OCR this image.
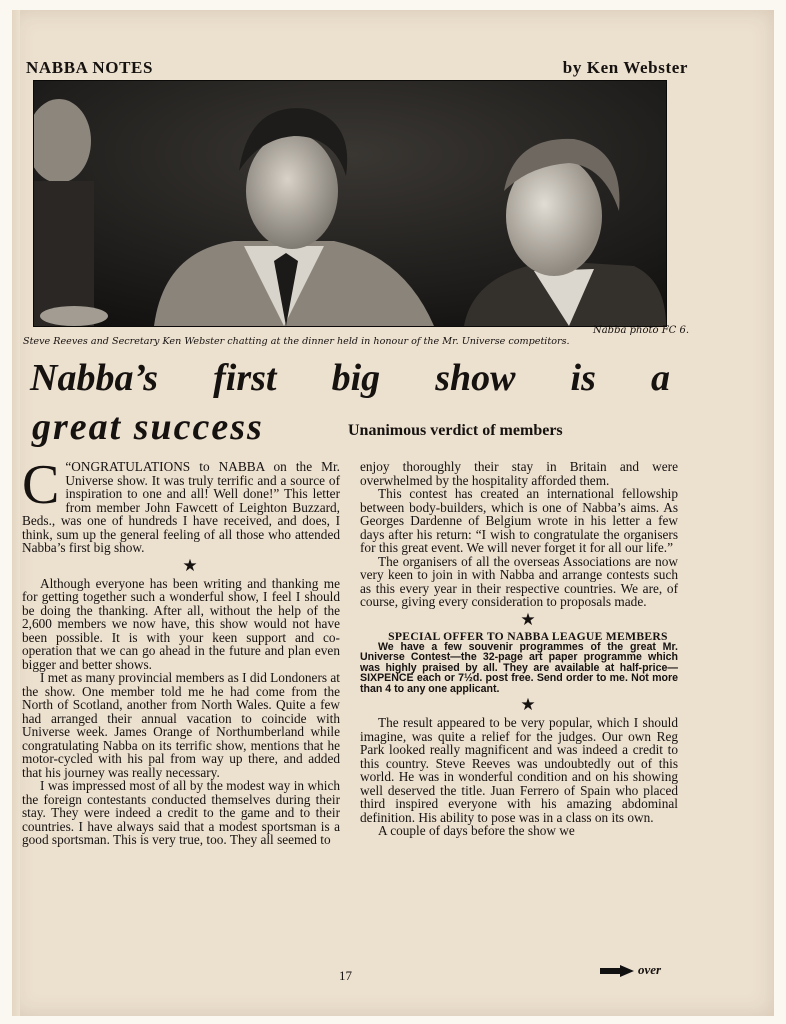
NABBA NOTES	by Ken Webster
Nabba photo FC 6.
Steve Reeves and Secretary Ken Webster chatting at the dinner held in honour of the Mr. Universe competitors.
Nabba’s first big show is a
great success	Unanimous verdict of members

“
C ONGRATULATIONS to NABBA on the Mr. Universe show. It was truly terrific and a source of inspiration to one and all! Well done!” This letter from member John Fawcett of Leighton Buzzard, Beds., was one of hundreds I have received, and does, I think, sum up the general feeling of all those who attended Nabba’s first big show.

★

Although everyone has been writing and thanking me for getting together such a wonderful show, I feel I should be doing the thanking. After all, without the help of the 2,600 members we now have, this show would not have been possible. It is with your keen support and co-operation that we can go ahead in the future and plan even bigger and better shows.

I met as many provincial members as I did Londoners at the show. One member told me he had come from the North of Scotland, another from North Wales. Quite a few had arranged their annual vacation to coincide with Universe week. James Orange of Northumberland while congratulating Nabba on its terrific show, mentions that he motor-cycled with his pal from way up there, and added that his journey was really necessary.

I was impressed most of all by the modest way in which the foreign contestants conducted themselves during their stay. They were indeed a credit to the game and to their countries. I have always said that a modest sportsman is a good sportsman. This is very true, too. They all seemed to

enjoy thoroughly their stay in Britain and were overwhelmed by the hospitality afforded them.

This contest has created an international fellowship between body-builders, which is one of Nabba’s aims. As Georges Dardenne of Belgium wrote in his letter a few days after his return: “I wish to congratulate the organisers for this great event. We will never forget it for all our life.”

The organisers of all the overseas Associations are now very keen to join in with Nabba and arrange contests such as this every year in their respective countries. We are, of course, giving every consideration to proposals made.

★

SPECIAL OFFER TO NABBA LEAGUE MEMBERS

We have a few souvenir programmes of the great Mr. Universe Contest—the 32-page art paper programme which was highly praised by all. They are available at half-price—SIXPENCE each or 7½d. post free. Send order to me. Not more than 4 to any one applicant.

★

The result appeared to be very popular, which I should imagine, was quite a relief for the judges. Our own Reg Park looked really magnificent and was indeed a credit to this country. Steve Reeves was undoubtedly out of this world. He was in wonderful condition and on his showing well deserved the title. Juan Ferrero of Spain who placed third inspired everyone with his amazing abdominal definition. His ability to pose was in a class on its own.

A couple of days before the show we

17	over
